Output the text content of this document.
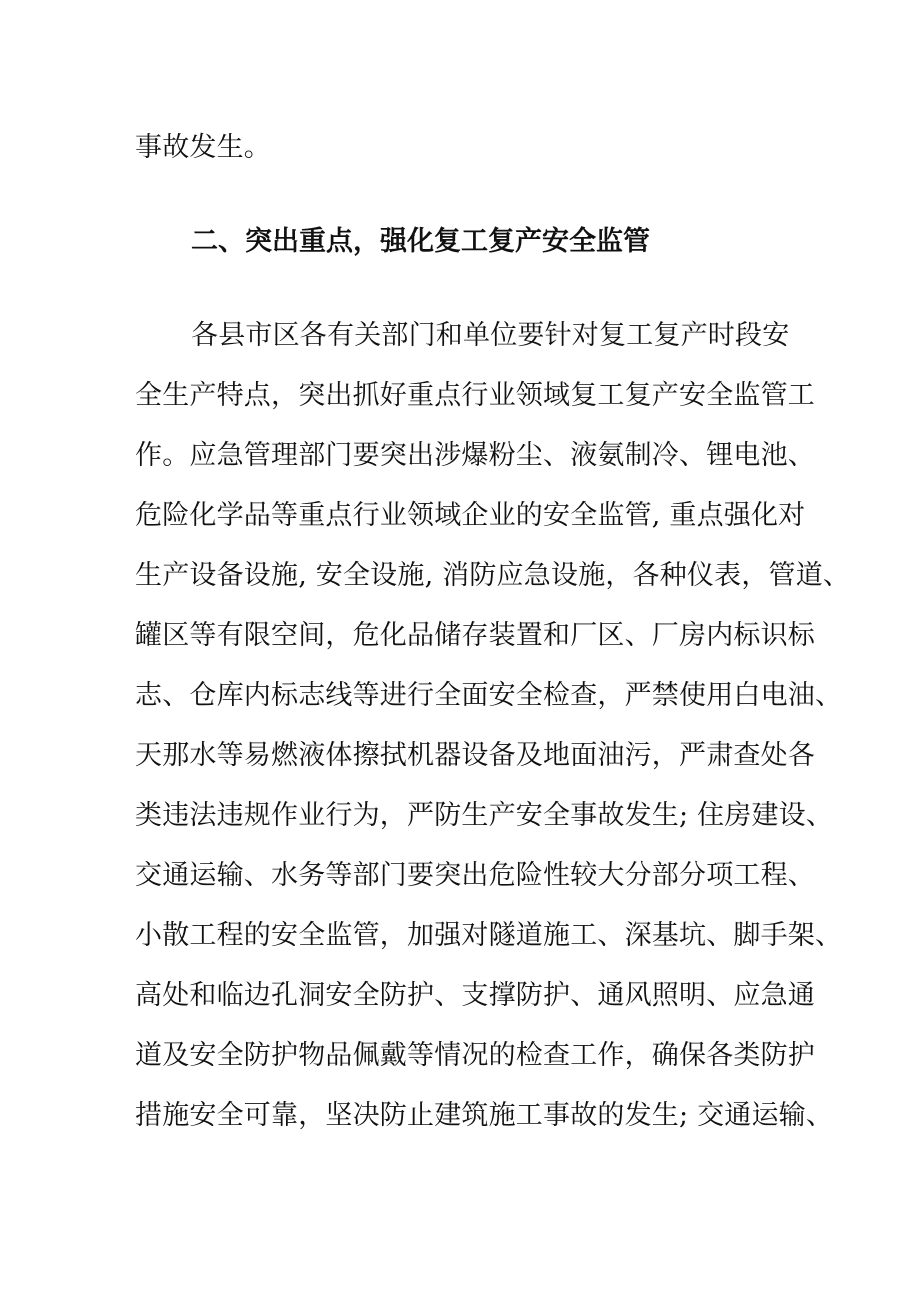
事故发生。
二、突出重点，强化复工复产安全监管
各县市区各有关部门和单位要针对复工复产时段安
全生产特点，突出抓好重点行业领域复工复产安全监管工
作。应急管理部门要突出涉爆粉尘、液氨制冷、锂电池、
危险化学品等重点行业领域企业的安全监管, 重点强化对
生产设备设施, 安全设施, 消防应急设施，各种仪表，管道、
罐区等有限空间，危化品储存装置和厂区、厂房内标识标
志、仓库内标志线等进行全面安全检查，严禁使用白电油、
天那水等易燃液体擦拭机器设备及地面油污，严肃查处各
类违法违规作业行为，严防生产安全事故发生; 住房建设、
交通运输、水务等部门要突出危险性较大分部分项工程、
小散工程的安全监管，加强对隧道施工、深基坑、脚手架、
高处和临边孔洞安全防护、支撑防护、通风照明、应急通
道及安全防护物品佩戴等情况的检查工作，确保各类防护
措施安全可靠，坚决防止建筑施工事故的发生; 交通运输、
